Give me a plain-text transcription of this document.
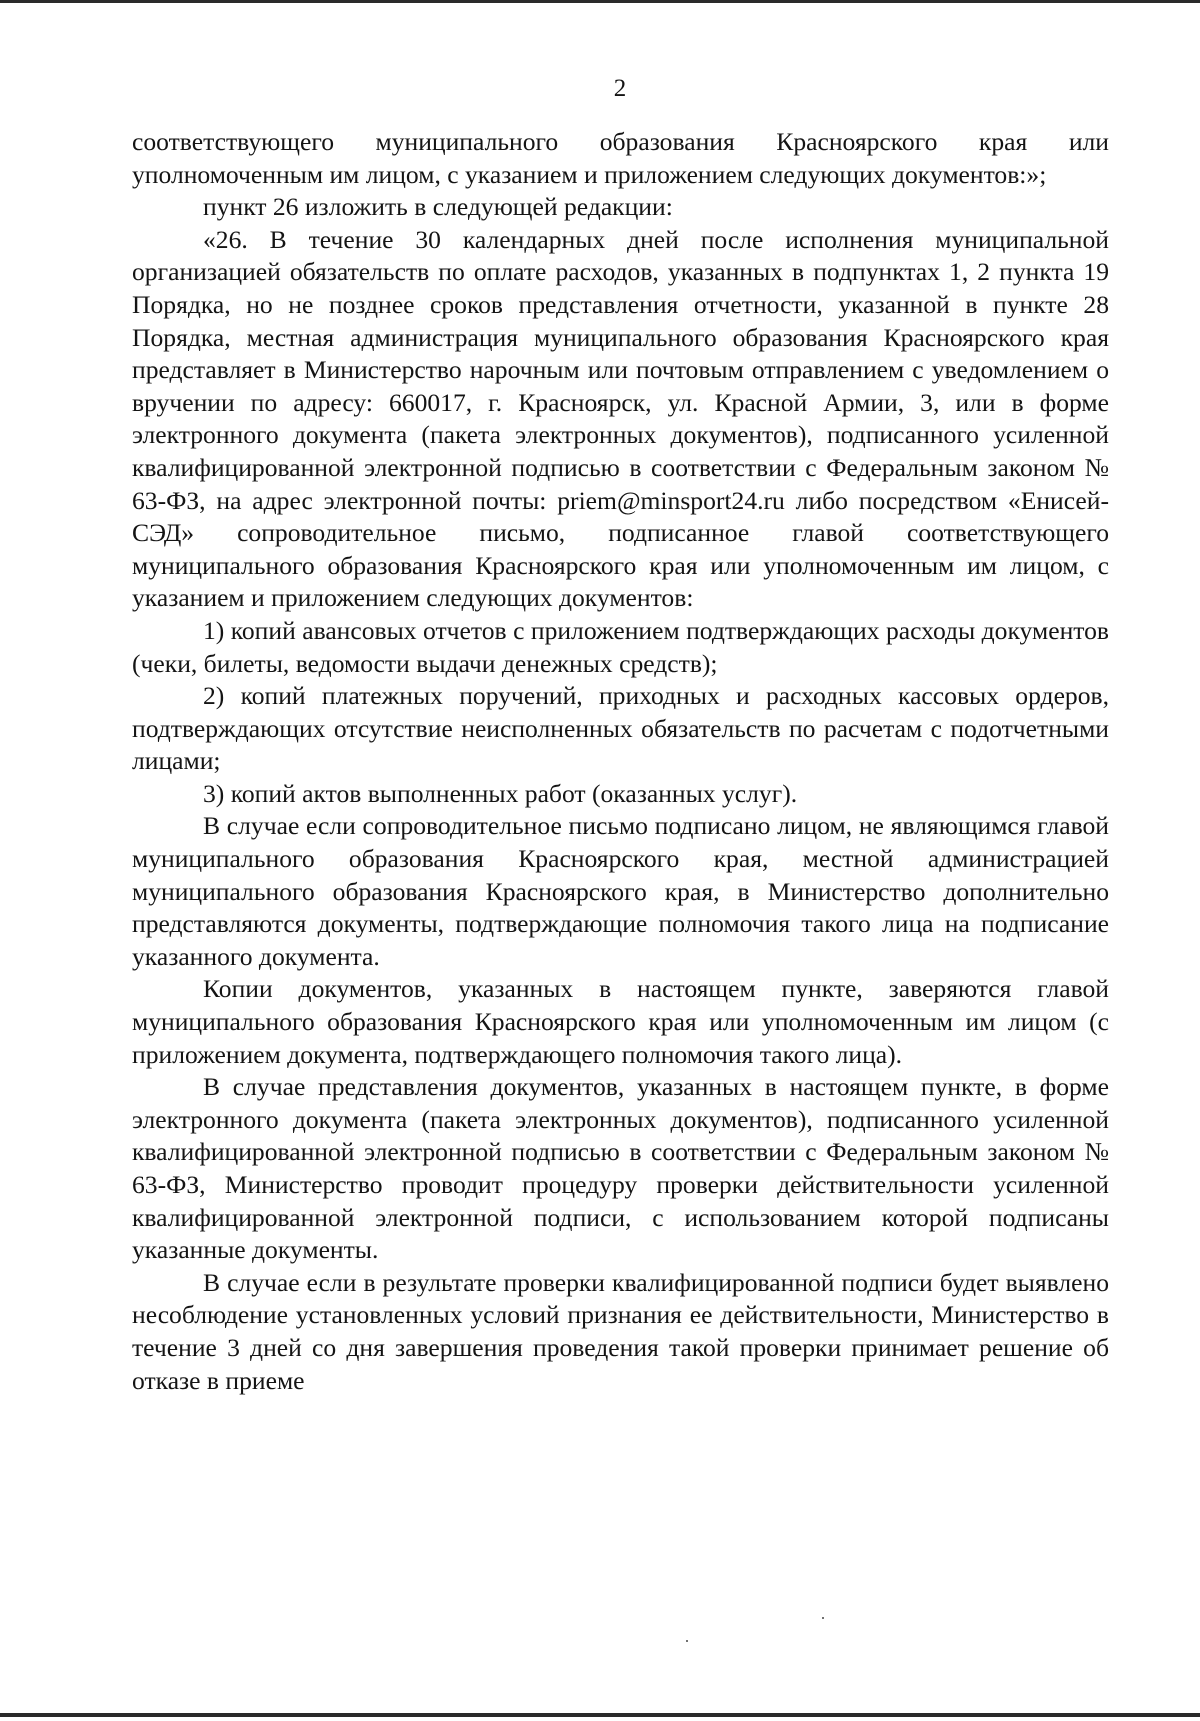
2

соответствующего муниципального образования Красноярского края или уполномоченным им лицом, с указанием и приложением следующих документов:»;

пункт 26 изложить в следующей редакции:

«26. В течение 30 календарных дней после исполнения муниципальной организацией обязательств по оплате расходов, указанных в подпунктах 1, 2 пункта 19 Порядка, но не позднее сроков представления отчетности, указанной в пункте 28 Порядка, местная администрация муниципального образования Красноярского края представляет в Министерство нарочным или почтовым отправлением с уведомлением о вручении по адресу: 660017, г. Красноярск, ул. Красной Армии, 3, или в форме электронного документа (пакета электронных документов), подписанного усиленной квалифицированной электронной подписью в соответствии с Федеральным законом № 63-ФЗ, на адрес электронной почты: priem@minsport24.ru либо посредством «Енисей-СЭД» сопроводительное письмо, подписанное главой соответствующего муниципального образования Красноярского края или уполномоченным им лицом, с указанием и приложением следующих документов:

1) копий авансовых отчетов с приложением подтверждающих расходы документов (чеки, билеты, ведомости выдачи денежных средств);

2) копий платежных поручений, приходных и расходных кассовых ордеров, подтверждающих отсутствие неисполненных обязательств по расчетам с подотчетными лицами;

3) копий актов выполненных работ (оказанных услуг).

В случае если сопроводительное письмо подписано лицом, не являющимся главой муниципального образования Красноярского края, местной администрацией муниципального образования Красноярского края, в Министерство дополнительно представляются документы, подтверждающие полномочия такого лица на подписание указанного документа.

Копии документов, указанных в настоящем пункте, заверяются главой муниципального образования Красноярского края или уполномоченным им лицом (с приложением документа, подтверждающего полномочия такого лица).

В случае представления документов, указанных в настоящем пункте, в форме электронного документа (пакета электронных документов), подписанного усиленной квалифицированной электронной подписью в соответствии с Федеральным законом № 63-ФЗ, Министерство проводит процедуру проверки действительности усиленной квалифицированной электронной подписи, с использованием которой подписаны указанные документы.

В случае если в результате проверки квалифицированной подписи будет выявлено несоблюдение установленных условий признания ее действительности, Министерство в течение 3 дней со дня завершения проведения такой проверки принимает решение об отказе в приеме
